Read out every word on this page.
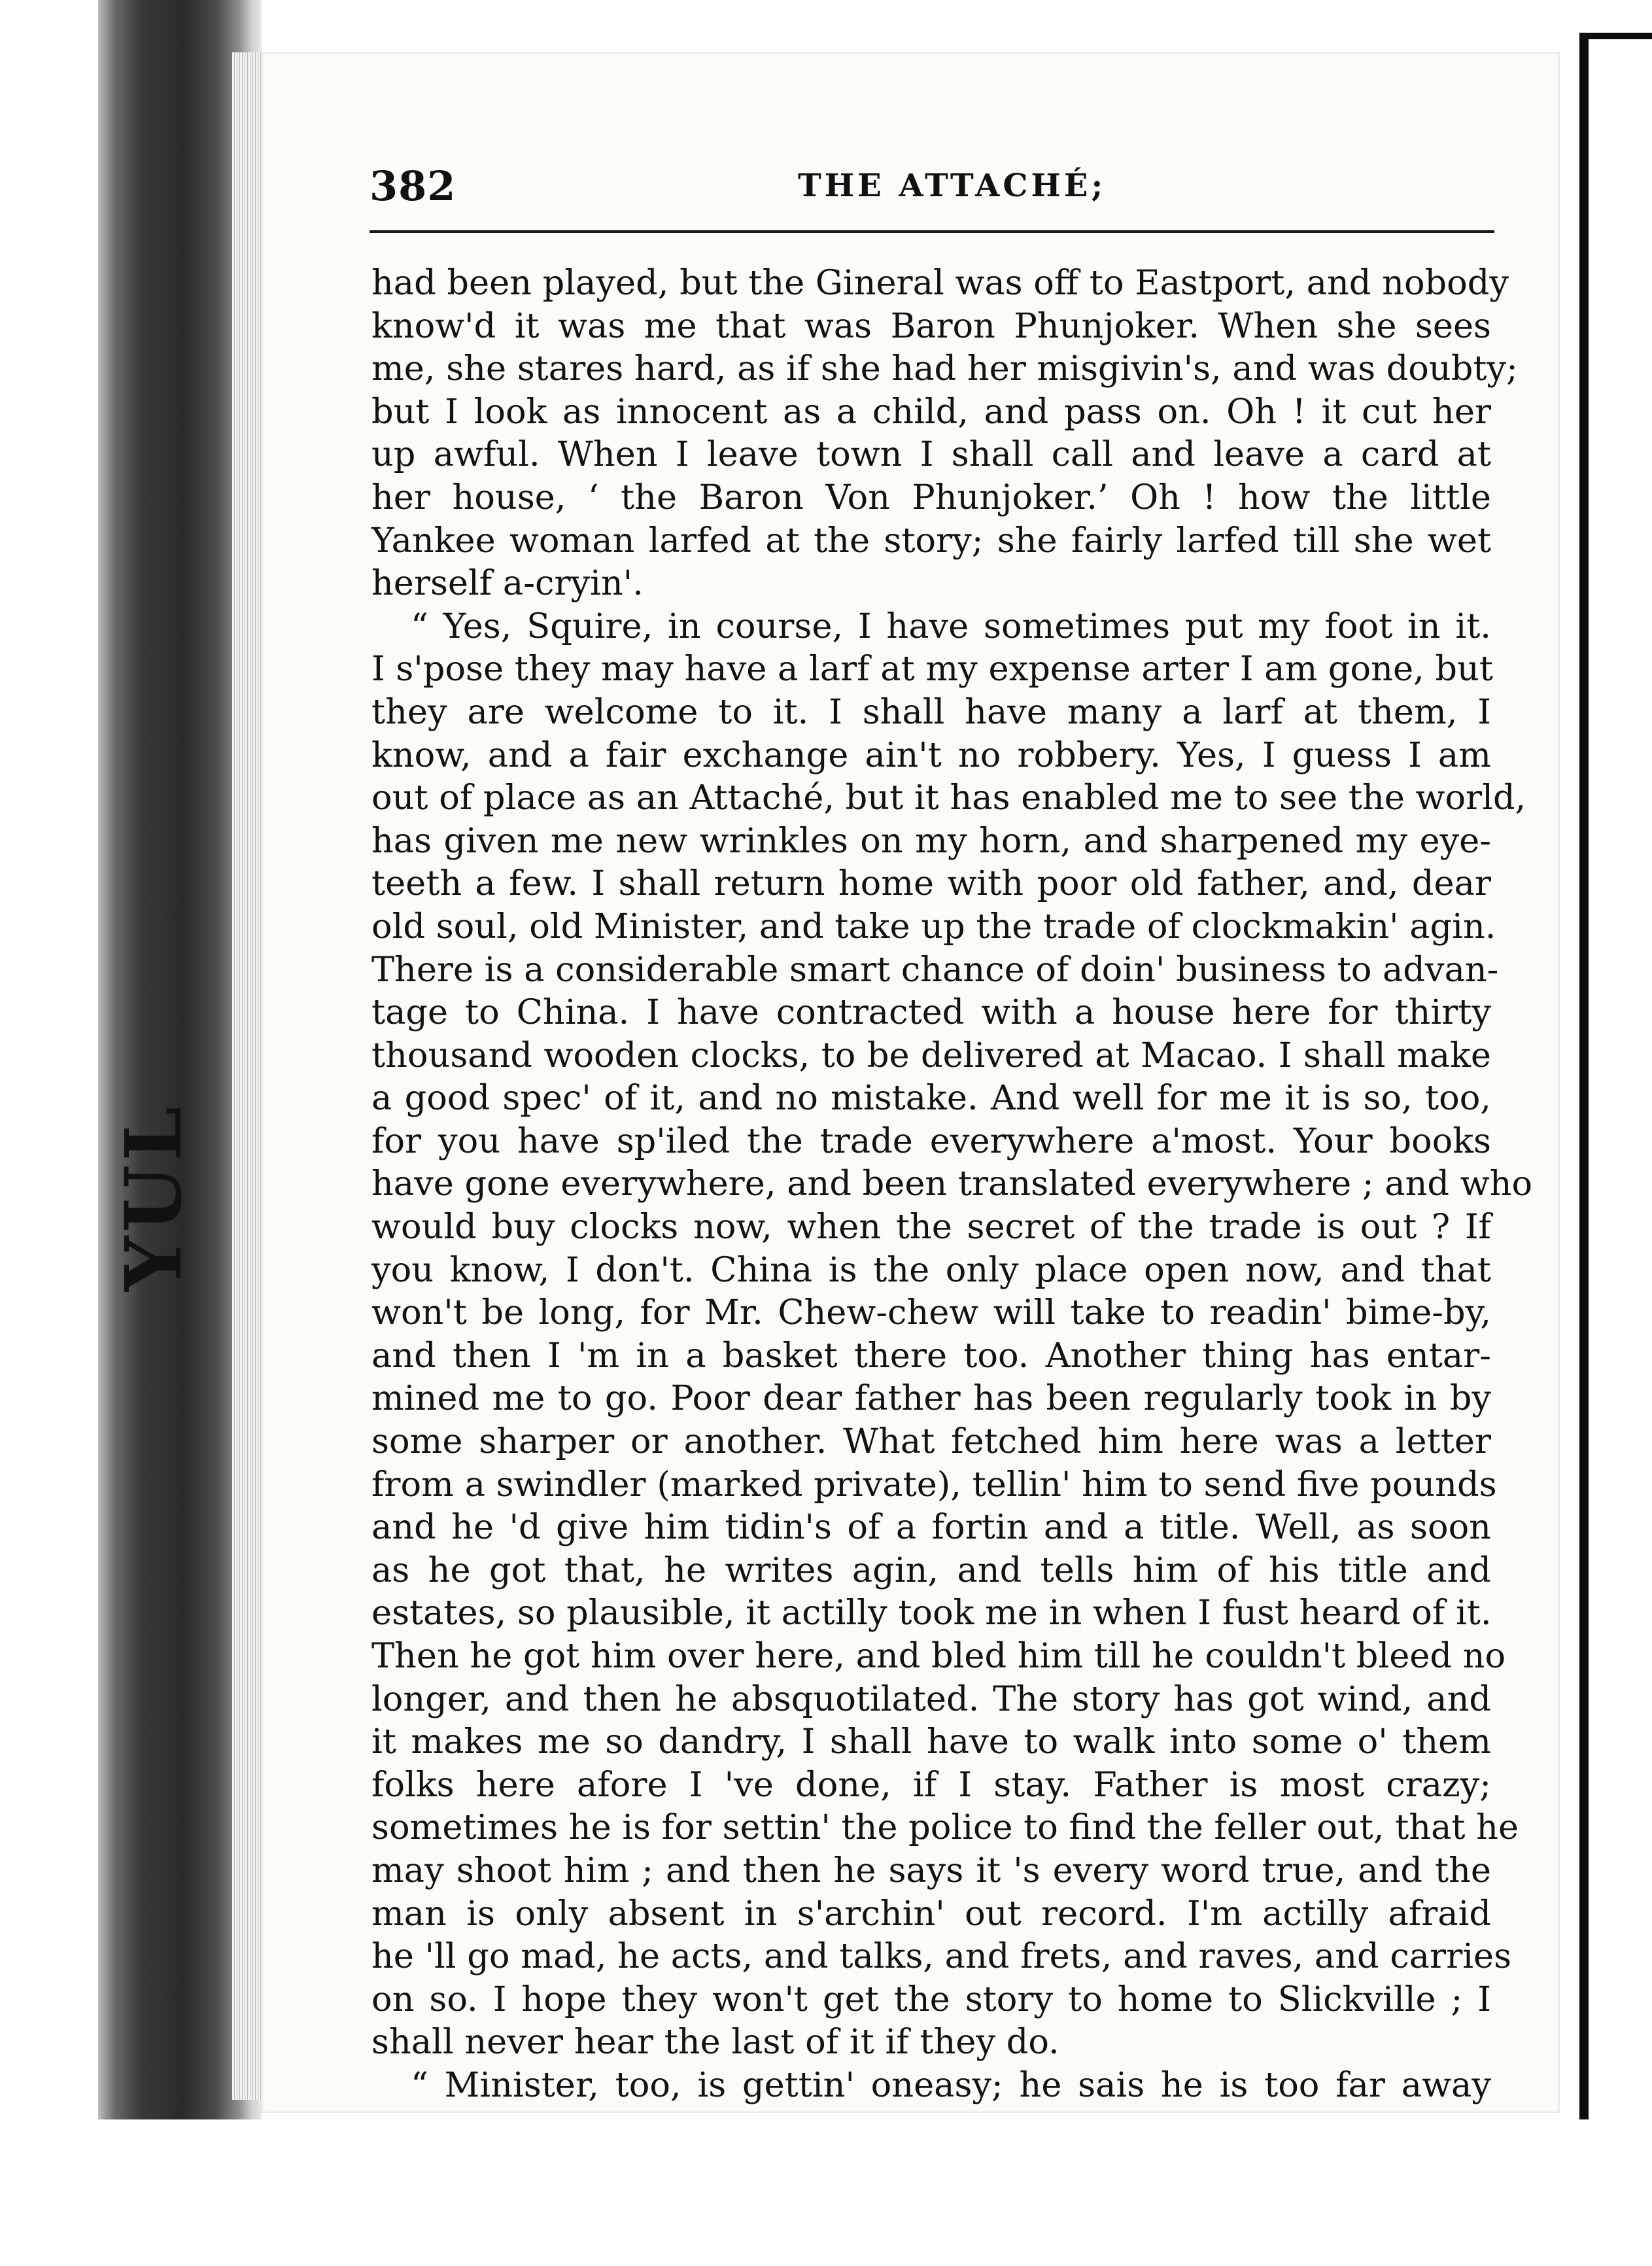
YUL
382	THE ATTACHÉ;
had been played, but the Gineral was off to Eastport, and nobody
know'd it was me that was Baron Phunjoker. When she sees
me, she stares hard, as if she had her misgivin's, and was doubty;
but I look as innocent as a child, and pass on. Oh ! it cut her
up awful. When I leave town I shall call and leave a card at
her house, ‘ the Baron Von Phunjoker.’ Oh ! how the little
Yankee woman larfed at the story; she fairly larfed till she wet
herself a-cryin'.
“ Yes, Squire, in course, I have sometimes put my foot in it.
I s'pose they may have a larf at my expense arter I am gone, but
they are welcome to it. I shall have many a larf at them, I
know, and a fair exchange ain't no robbery. Yes, I guess I am
out of place as an Attaché, but it has enabled me to see the world,
has given me new wrinkles on my horn, and sharpened my eye-
teeth a few. I shall return home with poor old father, and, dear
old soul, old Minister, and take up the trade of clockmakin' agin.
There is a considerable smart chance of doin' business to advan-
tage to China. I have contracted with a house here for thirty
thousand wooden clocks, to be delivered at Macao. I shall make
a good spec' of it, and no mistake. And well for me it is so, too,
for you have sp'iled the trade everywhere a'most. Your books
have gone everywhere, and been translated everywhere ; and who
would buy clocks now, when the secret of the trade is out ? If
you know, I don't. China is the only place open now, and that
won't be long, for Mr. Chew-chew will take to readin' bime-by,
and then I 'm in a basket there too. Another thing has entar-
mined me to go. Poor dear father has been regularly took in by
some sharper or another. What fetched him here was a letter
from a swindler (marked private), tellin' him to send five pounds
and he 'd give him tidin's of a fortin and a title. Well, as soon
as he got that, he writes agin, and tells him of his title and
estates, so plausible, it actilly took me in when I fust heard of it.
Then he got him over here, and bled him till he couldn't bleed no
longer, and then he absquotilated. The story has got wind, and
it makes me so dandry, I shall have to walk into some o' them
folks here afore I 've done, if I stay. Father is most crazy;
sometimes he is for settin' the police to find the feller out, that he
may shoot him ; and then he says it 's every word true, and the
man is only absent in s'archin' out record. I'm actilly afraid
he 'll go mad, he acts, and talks, and frets, and raves, and carries
on so. I hope they won't get the story to home to Slickville ; I
shall never hear the last of it if they do.
“ Minister, too, is gettin' oneasy; he sais he is too far away
